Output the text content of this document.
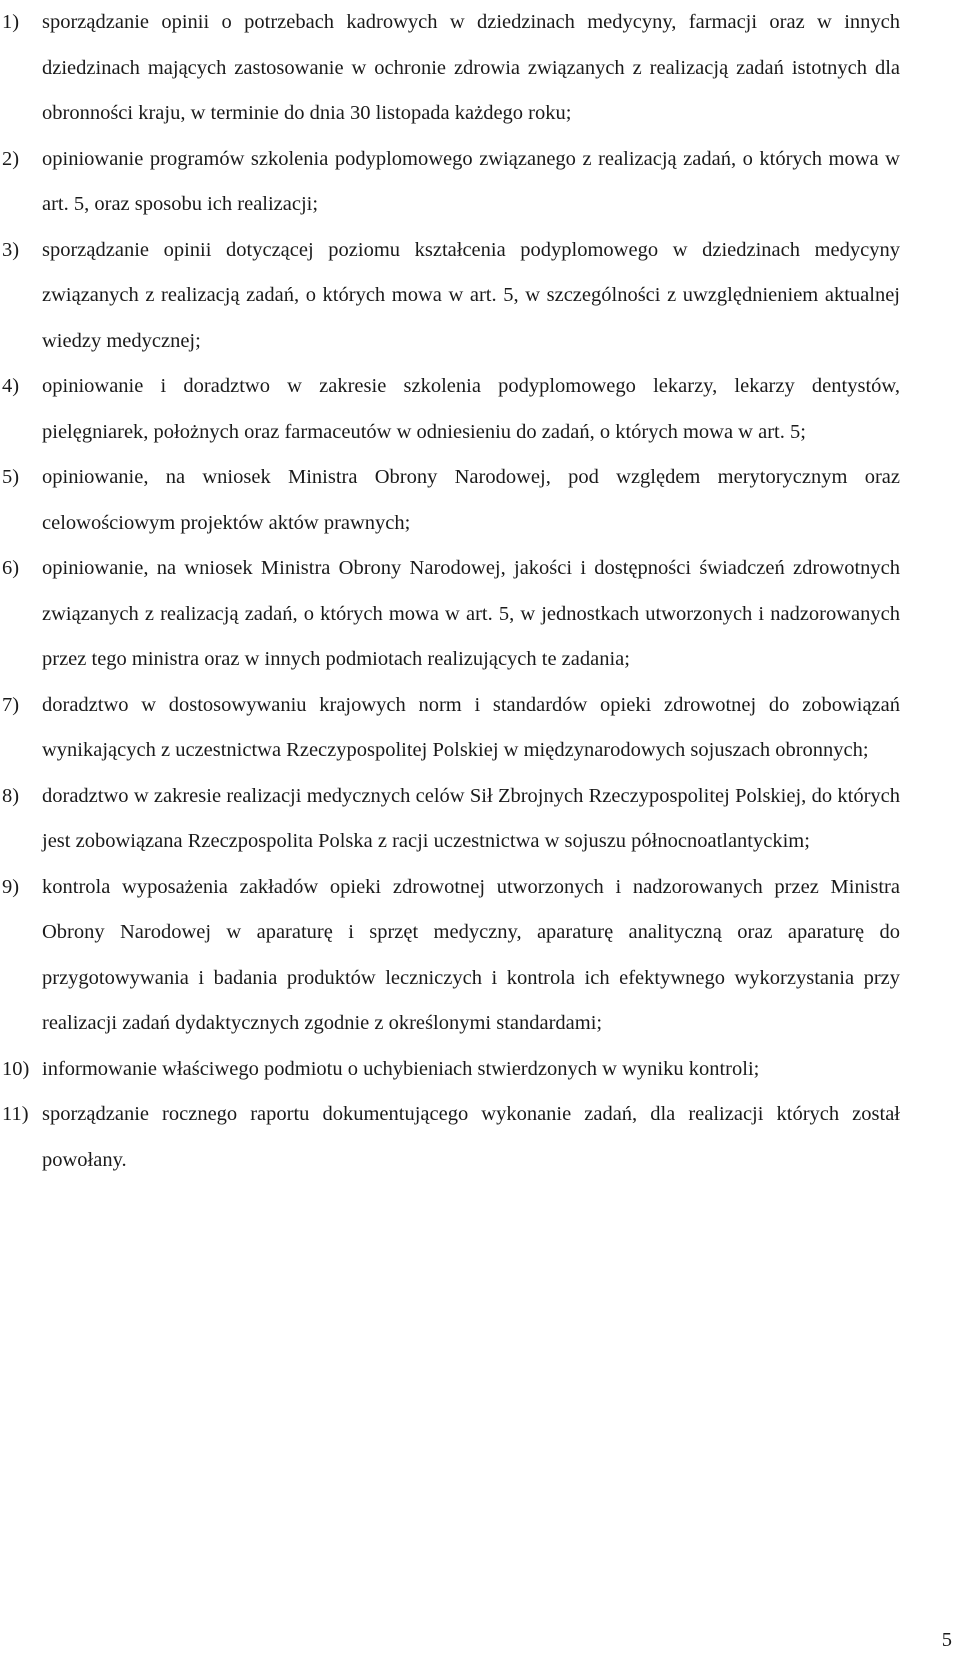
1) sporządzanie opinii o potrzebach kadrowych w dziedzinach medycyny, farmacji oraz w innych dziedzinach mających zastosowanie w ochronie zdrowia związanych z realizacją zadań istotnych dla obronności kraju, w terminie do dnia 30 listopada każdego roku;
2) opiniowanie programów szkolenia podyplomowego związanego z realizacją zadań, o których mowa w art. 5, oraz sposobu ich realizacji;
3) sporządzanie opinii dotyczącej poziomu kształcenia podyplomowego w dziedzinach medycyny związanych z realizacją zadań, o których mowa w art. 5, w szczególności z uwzględnieniem aktualnej wiedzy medycznej;
4) opiniowanie i doradztwo w zakresie szkolenia podyplomowego lekarzy, lekarzy dentystów, pielęgniarek, położnych oraz farmaceutów w odniesieniu do zadań, o których mowa w art. 5;
5) opiniowanie, na wniosek Ministra Obrony Narodowej, pod względem merytorycznym oraz celowościowym projektów aktów prawnych;
6) opiniowanie, na wniosek Ministra Obrony Narodowej, jakości i dostępności świadczeń zdrowotnych związanych z realizacją zadań, o których mowa w art. 5, w jednostkach utworzonych i nadzorowanych przez tego ministra oraz w innych podmiotach realizujących te zadania;
7) doradztwo w dostosowywaniu krajowych norm i standardów opieki zdrowotnej do zobowiązań wynikających z uczestnictwa Rzeczypospolitej Polskiej w międzynarodowych sojuszach obronnych;
8) doradztwo w zakresie realizacji medycznych celów Sił Zbrojnych Rzeczypospolitej Polskiej, do których jest zobowiązana Rzeczpospolita Polska z racji uczestnictwa w sojuszu północnoatlantyckim;
9) kontrola wyposażenia zakładów opieki zdrowotnej utworzonych i nadzorowanych przez Ministra Obrony Narodowej w aparaturę i sprzęt medyczny, aparaturę analityczną oraz aparaturę do przygotowywania i badania produktów leczniczych i kontrola ich efektywnego wykorzystania przy realizacji zadań dydaktycznych zgodnie z określonymi standardami;
10) informowanie właściwego podmiotu o uchybieniach stwierdzonych w wyniku kontroli;
11) sporządzanie rocznego raportu dokumentującego wykonanie zadań, dla realizacji których został powołany.
5
